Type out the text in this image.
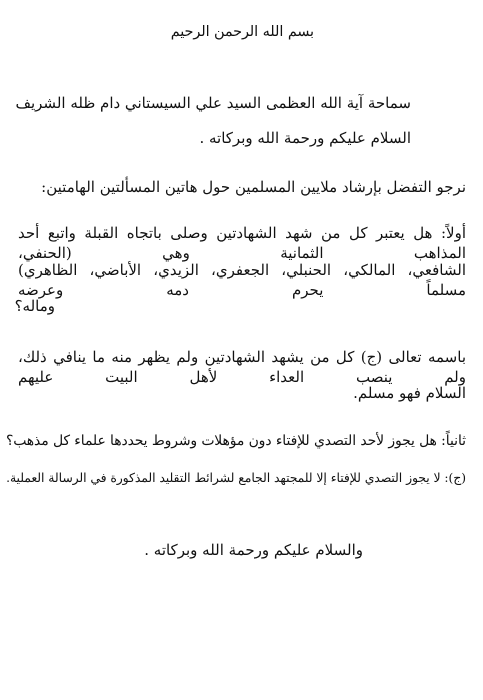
بسم الله الرحمن الرحيم
سماحة آية الله العظمى السيد علي السيستاني دام ظله الشريف
السلام عليكم ورحمة الله وبركاته .
نرجو التفضل بإرشاد ملايين المسلمين حول هاتين المسألتين الهامتين:
أولاً: هل يعتبر كل من شهد الشهادتين وصلى باتجاه القبلة واتبع أحد المذاهب الثمانية وهي (الحنفي،
الشافعي، المالكي، الحنبلي، الجعفري، الزيدي، الأباضي، الظاهري) مسلماً يحرم دمه وعرضه
وماله؟
باسمه تعالى (ج) كل من يشهد الشهادتين ولم يظهر منه ما ينافي ذلك، ولم ينصب العداء لأهل البيت عليهم
السلام فهو مسلم.
ثانياً: هل يجوز لأحد التصدي للإفتاء دون مؤهلات وشروط يحددها علماء كل مذهب؟
(ج): لا يجوز التصدي للإفتاء إلا للمجتهد الجامع لشرائط التقليد المذكورة في الرسالة العملية.
والسلام عليكم ورحمة الله وبركاته .
